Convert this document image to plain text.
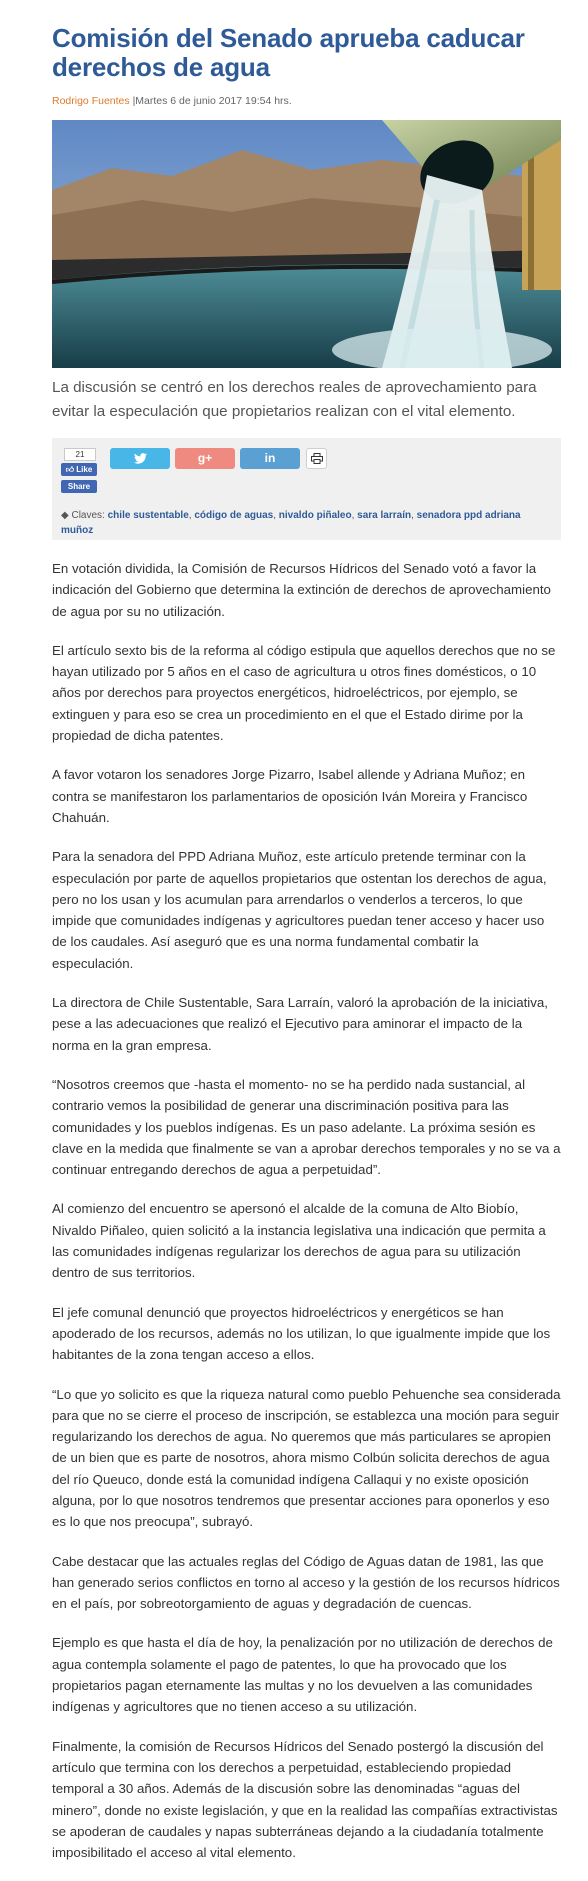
Comisión del Senado aprueba caducar derechos de agua
Rodrigo Fuentes |Martes 6 de junio 2017 19:54 hrs.
La discusión se centró en los derechos reales de aprovechamiento para evitar la especulación que propietarios realizan con el vital elemento.
21
👍︎ Like
Share
g+	in
◆ Claves: chile sustentable, código de aguas, nivaldo piñaleo, sara larraín, senadora ppd adriana muñoz

En votación dividida, la Comisión de Recursos Hídricos del Senado votó a favor la indicación del Gobierno que determina la extinción de derechos de aprovechamiento de agua por su no utilización.

El artículo sexto bis de la reforma al código estipula que aquellos derechos que no se hayan utilizado por 5 años en el caso de agricultura u otros fines domésticos, o 10 años por derechos para proyectos energéticos, hidroeléctricos, por ejemplo, se extinguen y para eso se crea un procedimiento en el que el Estado dirime por la propiedad de dicha patentes.

A favor votaron los senadores Jorge Pizarro, Isabel allende y Adriana Muñoz; en contra se manifestaron los parlamentarios de oposición Iván Moreira y Francisco Chahuán.

Para la senadora del PPD Adriana Muñoz, este artículo pretende terminar con la especulación por parte de aquellos propietarios que ostentan los derechos de agua, pero no los usan y los acumulan para arrendarlos o venderlos a terceros, lo que impide que comunidades indígenas y agricultores puedan tener acceso y hacer uso de los caudales. Así aseguró que es una norma fundamental combatir la especulación.

La directora de Chile Sustentable, Sara Larraín, valoró la aprobación de la iniciativa, pese a las adecuaciones que realizó el Ejecutivo para aminorar el impacto de la norma en la gran empresa.

“Nosotros creemos que -hasta el momento- no se ha perdido nada sustancial, al contrario vemos la posibilidad de generar una discriminación positiva para las comunidades y los pueblos indígenas. Es un paso adelante. La próxima sesión es clave en la medida que finalmente se van a aprobar derechos temporales y no se va a continuar entregando derechos de agua a perpetuidad”.

Al comienzo del encuentro se apersonó el alcalde de la comuna de Alto Biobío, Nivaldo Piñaleo, quien solicitó a la instancia legislativa una indicación que permita a las comunidades indígenas regularizar los derechos de agua para su utilización dentro de sus territorios.

El jefe comunal denunció que proyectos hidroeléctricos y energéticos se han apoderado de los recursos, además no los utilizan, lo que igualmente impide que los habitantes de la zona tengan acceso a ellos.

“Lo que yo solicito es que la riqueza natural como pueblo Pehuenche sea considerada para que no se cierre el proceso de inscripción, se establezca una moción para seguir regularizando los derechos de agua. No queremos que más particulares se apropien de un bien que es parte de nosotros, ahora mismo Colbún solicita derechos de agua del río Queuco, donde está la comunidad indígena Callaqui y no existe oposición alguna, por lo que nosotros tendremos que presentar acciones para oponerlos y eso es lo que nos preocupa”, subrayó.

Cabe destacar que las actuales reglas del Código de Aguas datan de 1981, las que han generado serios conflictos en torno al acceso y la gestión de los recursos hídricos en el país, por sobreotorgamiento de aguas y degradación de cuencas.

Ejemplo es que hasta el día de hoy, la penalización por no utilización de derechos de agua contempla solamente el pago de patentes, lo que ha provocado que los propietarios pagan eternamente las multas y no los devuelven a las comunidades indígenas y agricultores que no tienen acceso a su utilización.

Finalmente, la comisión de Recursos Hídricos del Senado postergó la discusión del artículo que termina con los derechos a perpetuidad, estableciendo propiedad temporal a 30 años. Además de la discusión sobre las denominadas “aguas del minero”, donde no existe legislación, y que en la realidad las compañías extractivistas se apoderan de caudales y napas subterráneas dejando a la ciudadanía totalmente imposibilitado el acceso al vital elemento.
